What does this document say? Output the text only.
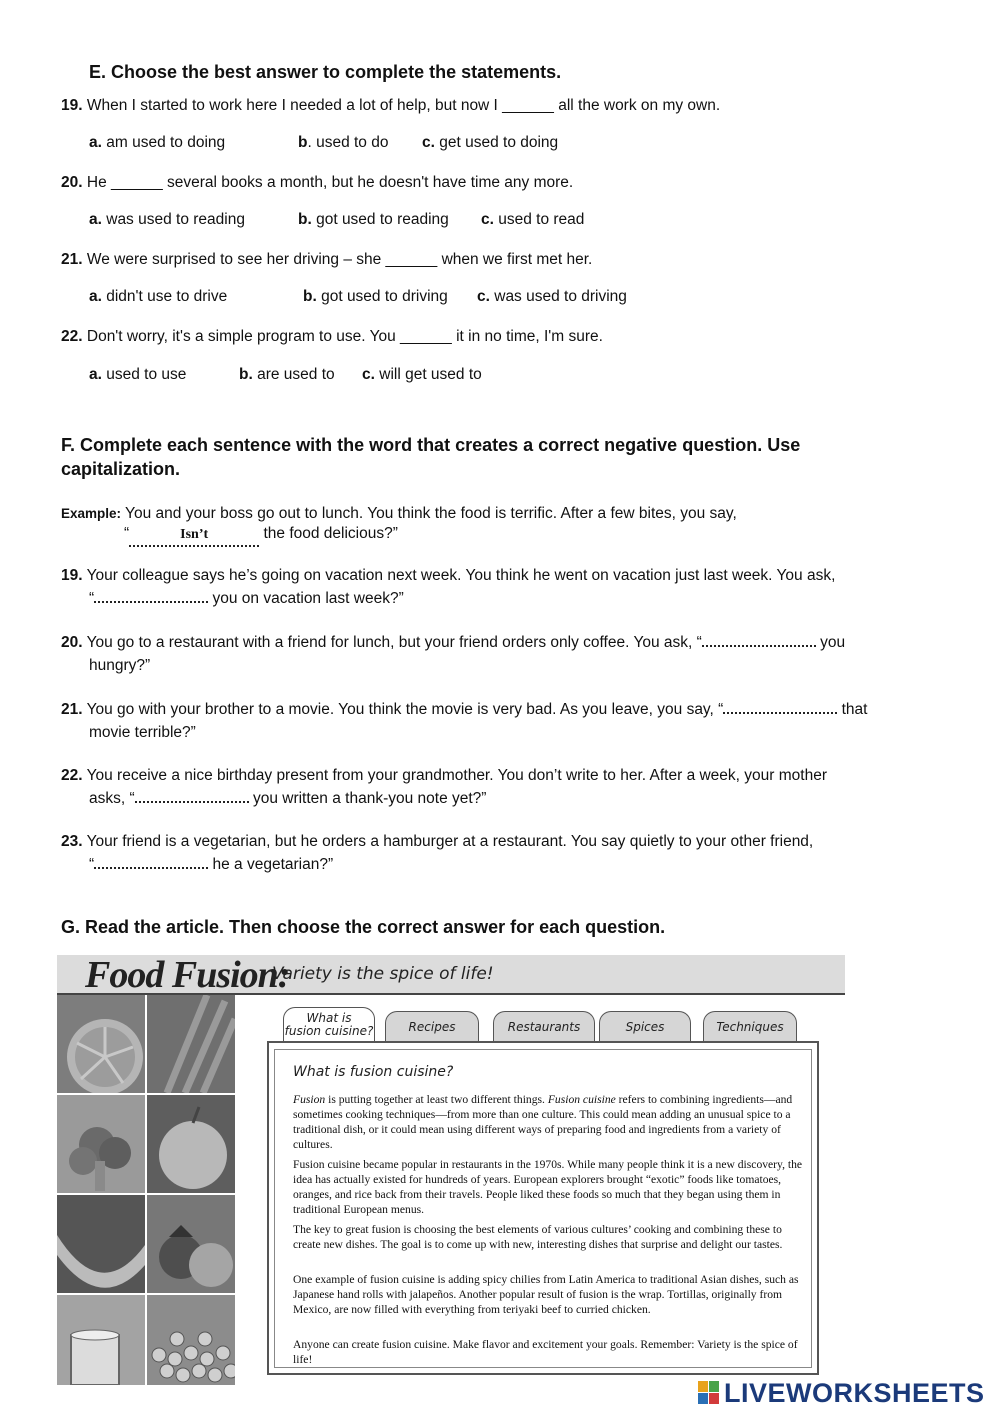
E. Choose the best answer to complete the statements.
19. When I started to work here I needed a lot of help, but now I ______ all the work on my own.
a. am used to doing	b. used to do c. get used to doing
20. He ______ several books a month, but he doesn't have time any more.
a. was used to reading	b. got used to reading c. used to read
21. We were surprised to see her driving – she ______ when we first met her.
a. didn't use to drive	b. got used to driving c. was used to driving
22. Don't worry, it's a simple program to use. You ______ it in no time, I'm sure.
a. used to use	b. are used to c. will get used to
F. Complete each sentence with the word that creates a correct negative question. Use
capitalization.
Example: You and your boss go out to lunch. You think the food is terrific. After a few bites, you say,
“	Isn’t	the food delicious?”
19. Your colleague says he’s going on vacation next week. You think he went on vacation just last week. You ask,
“	you on vacation last week?”
20. You go to a restaurant with a friend for lunch, but your friend orders only coffee. You ask, “	you
hungry?”
21. You go with your brother to a movie. You think the movie is very bad. As you leave, you say, “	that
movie terrible?”
22. You receive a nice birthday present from your grandmother. You don’t write to her. After a week, your mother
asks, “	you written a thank-you note yet?”
23. Your friend is a vegetarian, but he orders a hamburger at a restaurant. You say quietly to your other friend,
“	he a vegetarian?”
G. Read the article. Then choose the correct answer for each question.
Food Fusion:
Variety is the spice of life!
What is
fusion cuisine?	Recipes	Restaurants	Spices	Techniques
What is fusion cuisine?

Fusion is putting together at least two different things. Fusion cuisine refers to combining ingredients—and sometimes cooking techniques—from more than one culture. This could mean adding an unusual spice to a traditional dish, or it could mean using different ways of preparing food and ingredients from a variety of cultures.

Fusion cuisine became popular in restaurants in the 1970s. While many people think it is a new discovery, the idea has actually existed for hundreds of years. European explorers brought “exotic” foods like tomatoes, oranges, and rice back from their travels. People liked these foods so much that they began using them in traditional European menus.

The key to great fusion is choosing the best elements of various cultures’ cooking and combining these to create new dishes. The goal is to come up with new, interesting dishes that surprise and delight our tastes.

One example of fusion cuisine is adding spicy chilies from Latin America to traditional Asian dishes, such as Japanese hand rolls with jalapeños. Another popular result of fusion is the wrap. Tortillas, originally from Mexico, are now filled with everything from teriyaki beef to curried chicken.

Anyone can create fusion cuisine. Make flavor and excitement your goals. Remember: Variety is the spice of life!

LIVEWORKSHEETS
